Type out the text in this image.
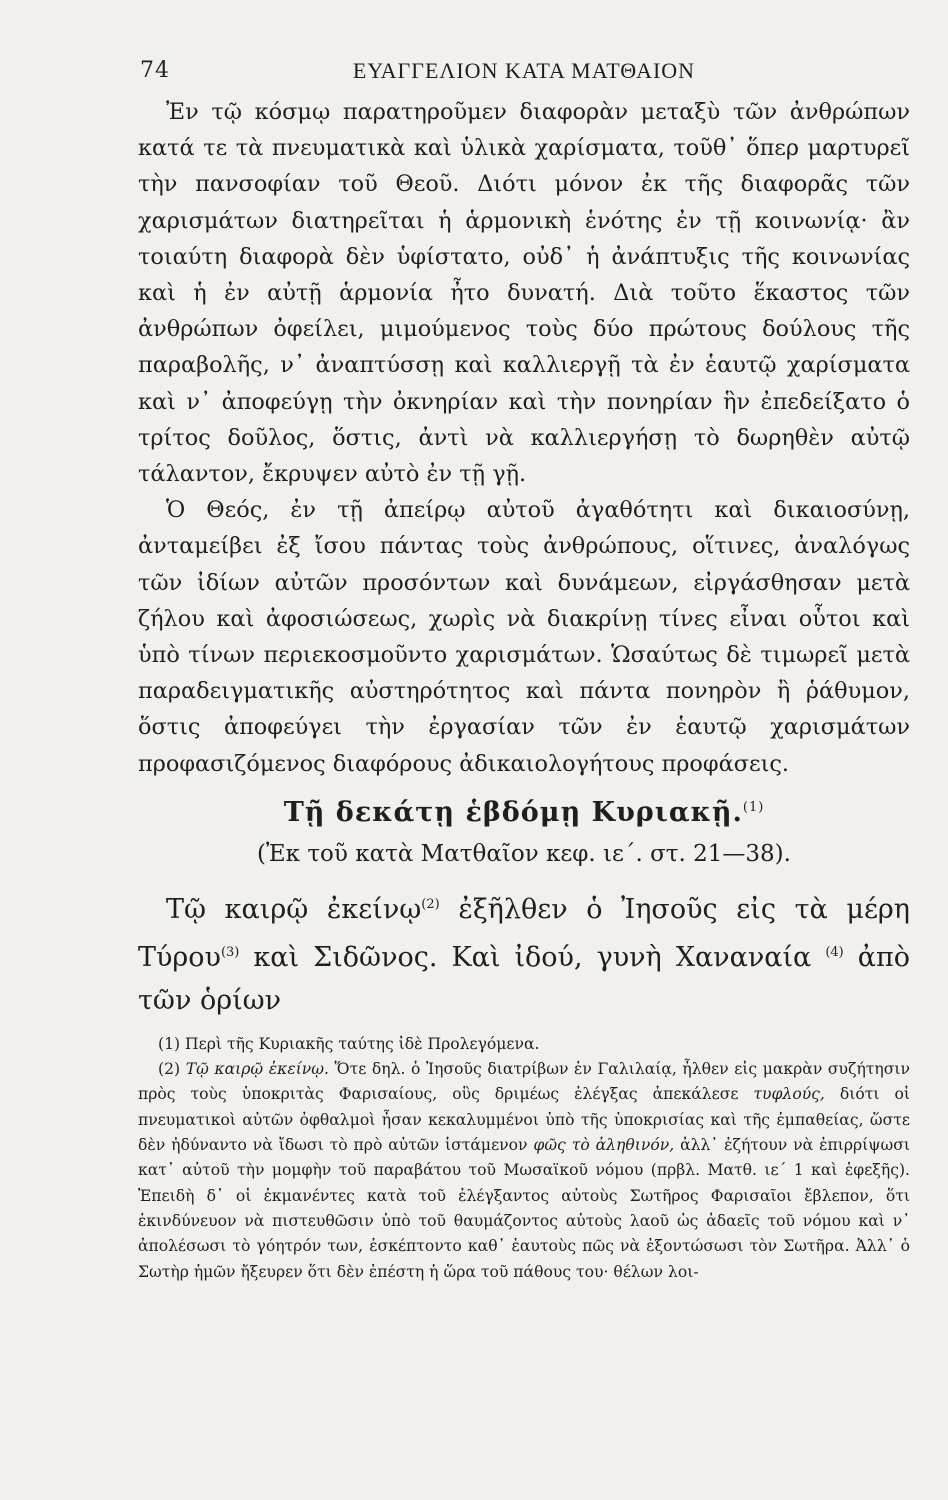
74	ΕΥΑΓΓΕΛΙΟΝ ΚΑΤΑ ΜΑΤΘΑΙΟΝ

Ἐν τῷ κόσμῳ παρατηροῦμεν διαφορὰν μεταξὺ τῶν ἀνθρώπων κατά τε τὰ πνευματικὰ καὶ ὑλικὰ χαρίσματα, τοῦθ᾽ ὅπερ μαρτυρεῖ τὴν πανσοφίαν τοῦ Θεοῦ. Διότι μόνον ἐκ τῆς διαφορᾶς τῶν χαρισμάτων διατηρεῖται ἡ ἁρμονικὴ ἑνότης ἐν τῇ κοινωνίᾳ· ἂν τοιαύτη διαφορὰ δὲν ὑφίστατο, οὐδ᾽ ἡ ἀνάπτυξις τῆς κοινωνίας καὶ ἡ ἐν αὐτῇ ἁρμονία ἦτο δυνατή. Διὰ τοῦτο ἕκαστος τῶν ἀνθρώπων ὀφείλει, μιμούμενος τοὺς δύο πρώτους δούλους τῆς παραβολῆς, ν᾽ ἀναπτύσσῃ καὶ καλλιεργῇ τὰ ἐν ἑαυτῷ χαρίσματα καὶ ν᾽ ἀποφεύγῃ τὴν ὀκνηρίαν καὶ τὴν πονηρίαν ἣν ἐπεδείξατο ὁ τρίτος δοῦλος, ὅστις, ἀντὶ νὰ καλλιεργήσῃ τὸ δωρηθὲν αὐτῷ τάλαντον, ἔκρυψεν αὐτὸ ἐν τῇ γῇ.

Ὁ Θεός, ἐν τῇ ἀπείρῳ αὐτοῦ ἀγαθότητι καὶ δικαιοσύνῃ, ἀνταμείβει ἐξ ἴσου πάντας τοὺς ἀνθρώπους, οἵτινες, ἀναλόγως τῶν ἰδίων αὐτῶν προσόντων καὶ δυνάμεων, εἰργάσθησαν μετὰ ζήλου καὶ ἀφοσιώσεως, χωρὶς νὰ διακρίνῃ τίνες εἶναι οὗτοι καὶ ὑπὸ τίνων περιεκοσμοῦντο χαρισμάτων. Ὡσαύτως δὲ τιμωρεῖ μετὰ παραδειγματικῆς αὐστηρότητος καὶ πάντα πονηρὸν ἢ ῥάθυμον, ὅστις ἀποφεύγει τὴν ἐργασίαν τῶν ἐν ἑαυτῷ χαρισμάτων προφασιζόμενος διαφόρους ἀδικαιολογήτους προφάσεις.

Τῇ δεκάτῃ ἑβδόμῃ Κυριακῇ.$^{(1)}$
(Ἐκ τοῦ κατὰ Ματθαῖον κεφ. ιε΄. στ. 21—38).

Τῷ καιρῷ ἐκείνῳ$^{(2)}$ ἐξῆλθεν ὁ Ἰησοῦς εἰς τὰ μέρη Τύρου$^{(3)}$ καὶ Σιδῶνος. Καὶ ἰδού, γυνὴ Χαναναία $^{(4)}$ ἀπὸ τῶν ὁρίων

(1) Περὶ τῆς Κυριακῆς ταύτης ἰδὲ Προλεγόμενα.

(2) Τῷ καιρῷ ἐκείνῳ. Ὅτε δηλ. ὁ Ἰησοῦς διατρίβων ἐν Γαλιλαίᾳ, ἦλθεν εἰς μακρὰν συζήτησιν πρὸς τοὺς ὑποκριτὰς Φαρισαίους, οὓς δριμέως ἐλέγξας ἀπεκάλεσε τυφλούς, διότι οἱ πνευματικοὶ αὐτῶν ὀφθαλμοὶ ἦσαν κεκαλυμμένοι ὑπὸ τῆς ὑποκρισίας καὶ τῆς ἐμπαθείας, ὥστε δὲν ἠδύναντο νὰ ἴδωσι τὸ πρὸ αὐτῶν ἱστάμενον φῶς τὸ ἀληθινόν, ἀλλ᾽ ἐζήτουν νὰ ἐπιρρίψωσι κατ᾽ αὐτοῦ τὴν μομφὴν τοῦ παραβάτου τοῦ Μωσαϊκοῦ νόμου (πρβλ. Ματθ. ιε΄ 1 καὶ ἑφεξῆς). Ἐπειδὴ δ᾽ οἱ ἐκμανέντες κατὰ τοῦ ἐλέγξαντος αὐτοὺς Σωτῆρος Φαρισαῖοι ἔβλεπον, ὅτι ἐκινδύνευον νὰ πιστευθῶσιν ὑπὸ τοῦ θαυμάζοντος αὐτοὺς λαοῦ ὡς ἀδαεῖς τοῦ νόμου καὶ ν᾽ ἀπολέσωσι τὸ γόητρόν των, ἐσκέπτοντο καθ᾽ ἑαυτοὺς πῶς νὰ ἐξοντώσωσι τὸν Σωτῆρα. Ἀλλ᾽ ὁ Σωτὴρ ἡμῶν ἤξευρεν ὅτι δὲν ἐπέστη ἡ ὥρα τοῦ πάθους του· θέλων λοι-
